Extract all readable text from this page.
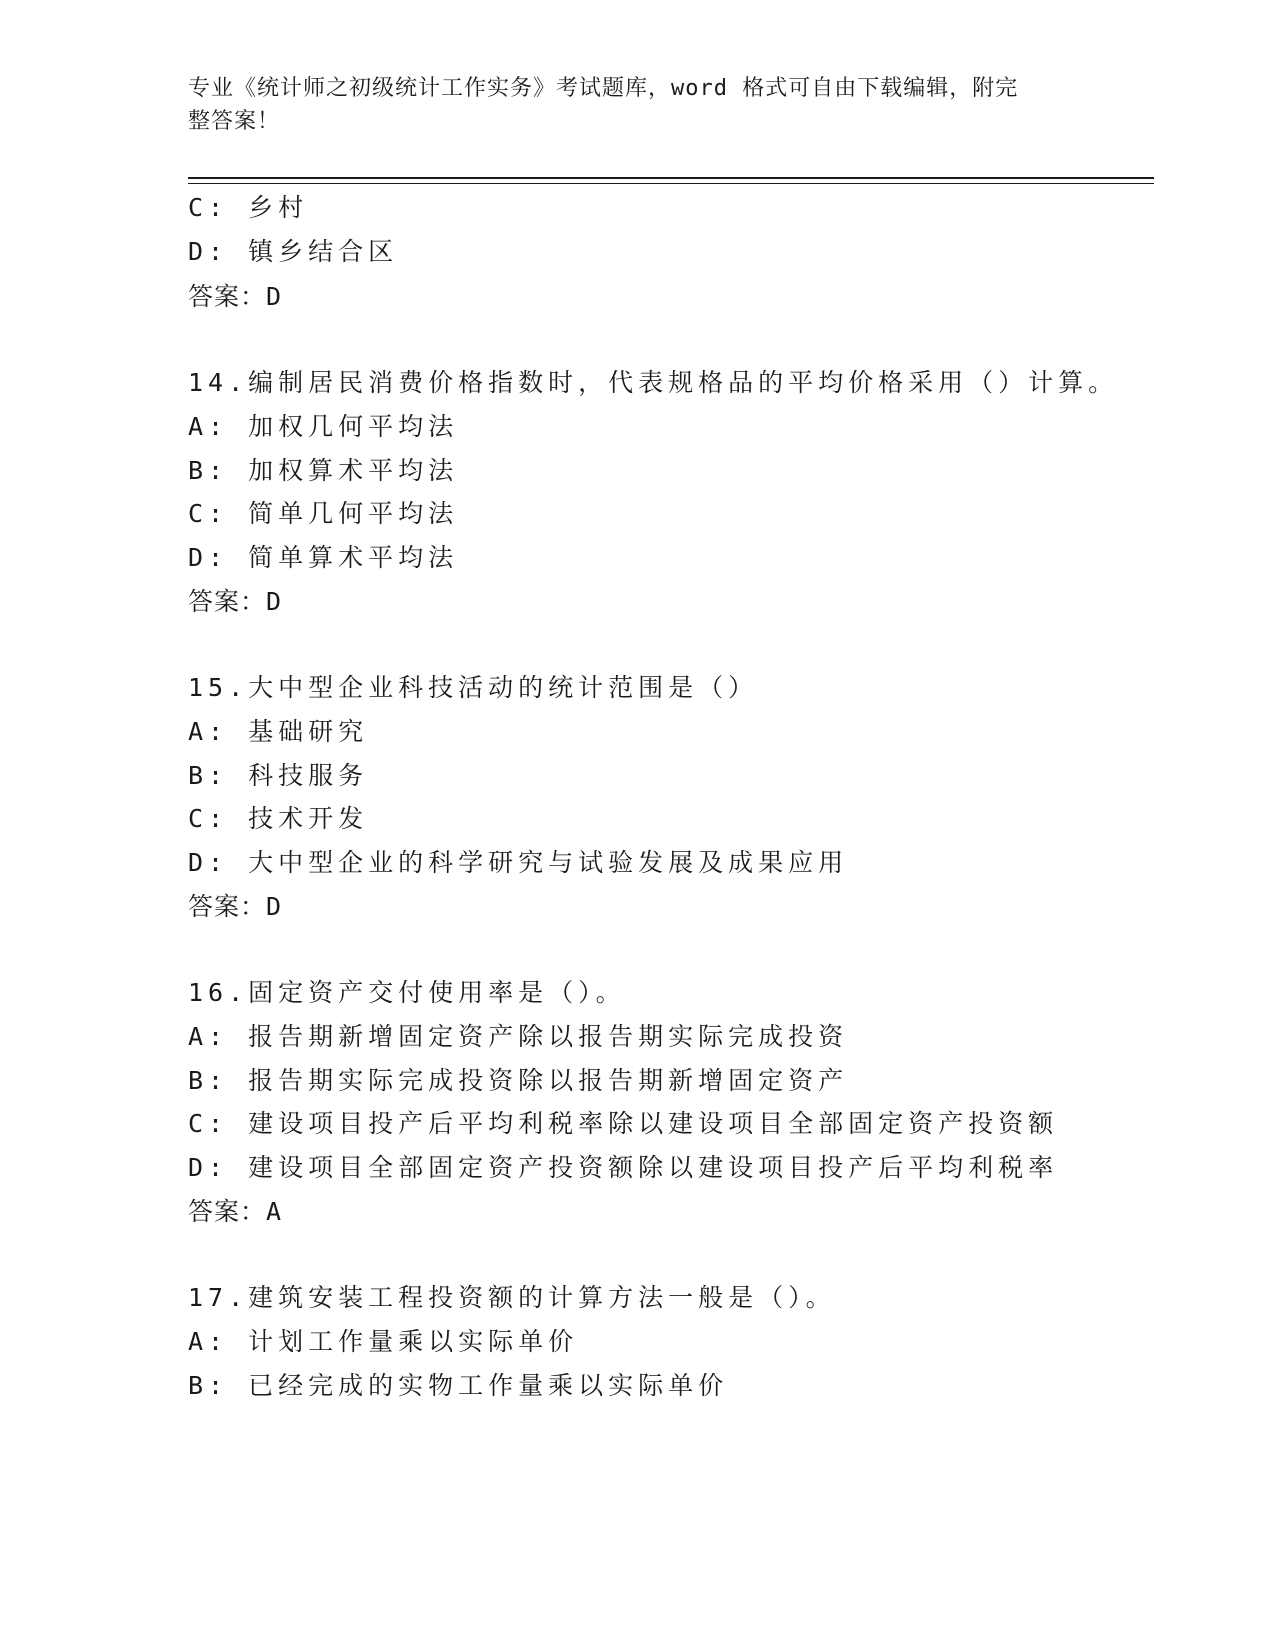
专业《统计师之初级统计工作实务》考试题库，word 格式可自由下载编辑，附完
整答案！
C: 乡村
D: 镇乡结合区
答案：D
14.编制居民消费价格指数时，代表规格品的平均价格采用（）计算。
A: 加权几何平均法
B: 加权算术平均法
C: 简单几何平均法
D: 简单算术平均法
答案：D
15.大中型企业科技活动的统计范围是（）
A: 基础研究
B: 科技服务
C: 技术开发
D: 大中型企业的科学研究与试验发展及成果应用
答案：D
16.固定资产交付使用率是（）。
A: 报告期新增固定资产除以报告期实际完成投资
B: 报告期实际完成投资除以报告期新增固定资产
C: 建设项目投产后平均利税率除以建设项目全部固定资产投资额
D: 建设项目全部固定资产投资额除以建设项目投产后平均利税率
答案：A
17.建筑安装工程投资额的计算方法一般是（）。
A: 计划工作量乘以实际单价
B: 已经完成的实物工作量乘以实际单价
